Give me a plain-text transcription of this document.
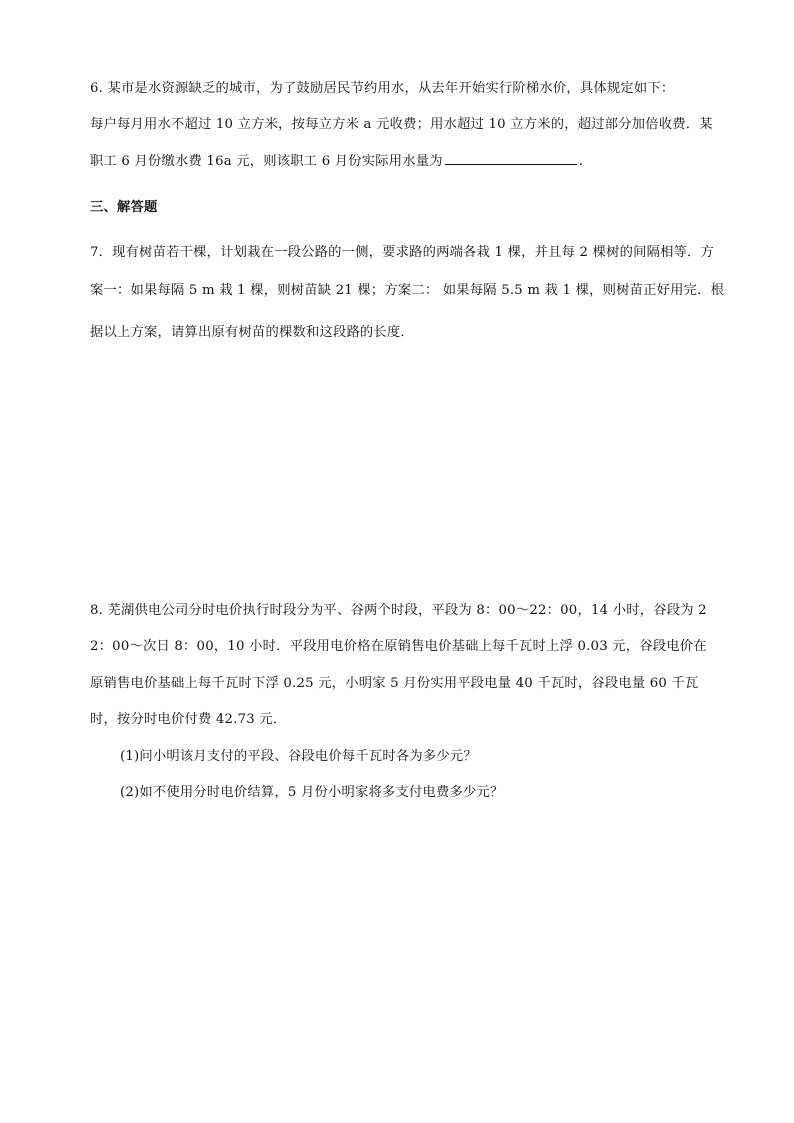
6. 某市是水资源缺乏的城市，为了鼓励居民节约用水，从去年开始实行阶梯水价，具体规定如下：
每户每月用水不超过 10 立方米，按每立方米 a 元收费；用水超过 10 立方米的，超过部分加倍收费．某
职工 6 月份缴水费 16a 元，则该职工 6 月份实际用水量为	.
三、解答题
7．现有树苗若干棵，计划栽在一段公路的一侧，要求路的两端各栽 1 棵，并且每 2 棵树的间隔相等．方
案一：如果每隔 5 m 栽 1 棵，则树苗缺 21 棵；方案二： 如果每隔 5.5 m 栽 1 棵，则树苗正好用完．根
据以上方案，请算出原有树苗的棵数和这段路的长度．
8. 芜湖供电公司分时电价执行时段分为平、谷两个时段，平段为 8：00～22：00，14 小时，谷段为 2
2：00～次日 8：00，10 小时．平段用电价格在原销售电价基础上每千瓦时上浮 0.03 元，谷段电价在
原销售电价基础上每千瓦时下浮 0.25 元，小明家 5 月份实用平段电量 40 千瓦时，谷段电量 60 千瓦
时，按分时电价付费 42.73 元．
(1)问小明该月支付的平段、谷段电价每千瓦时各为多少元？
(2)如不使用分时电价结算，5 月份小明家将多支付电费多少元？
